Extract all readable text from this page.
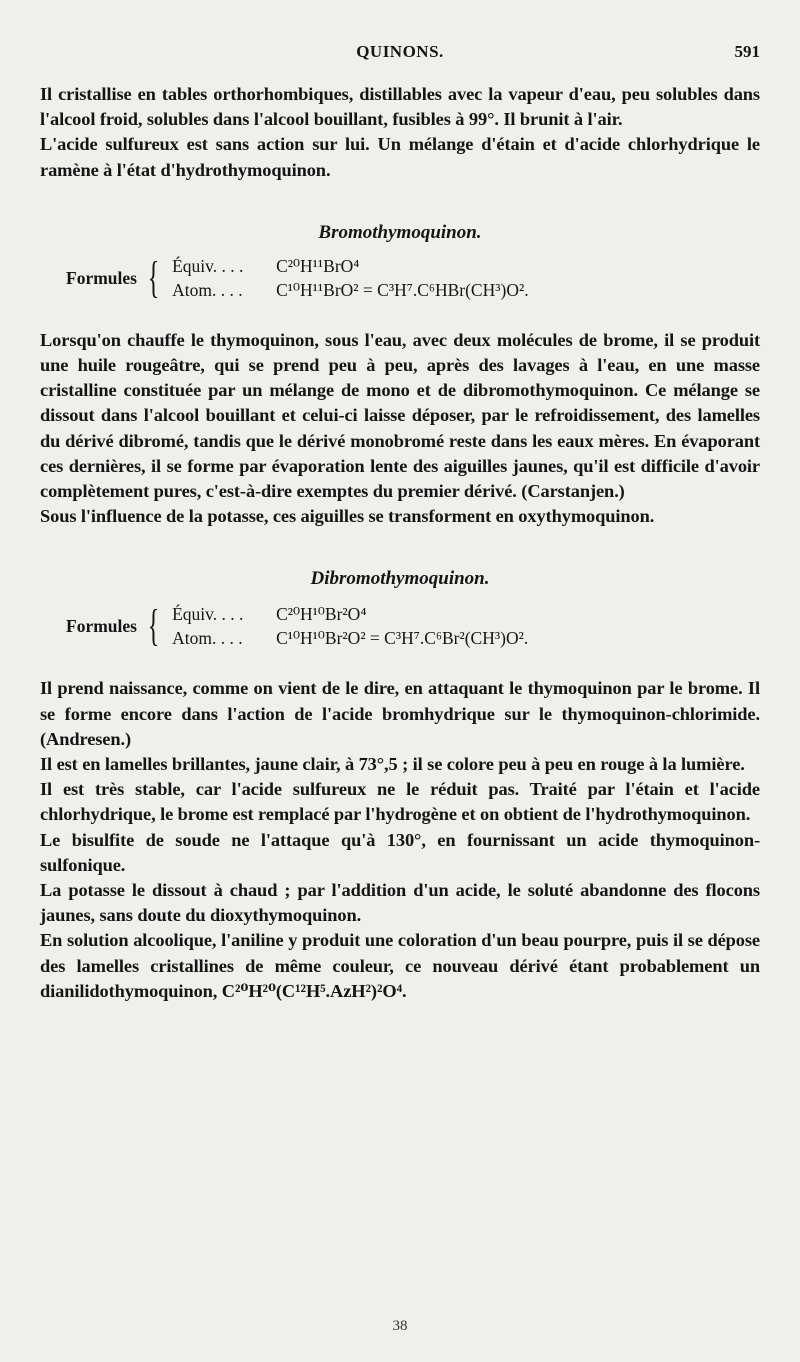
QUINONS.	591

Il cristallise en tables orthorhombiques, distillables avec la vapeur d'eau, peu solubles dans l'alcool froid, solubles dans l'alcool bouillant, fusibles à 99°. Il brunit à l'air.

L'acide sulfureux est sans action sur lui. Un mélange d'étain et d'acide chlorhydrique le ramène à l'état d'hydrothymoquinon.

Bromothymoquinon.
Formules { Équiv. . . .	C²⁰H¹¹BrO⁴
Atom. . . .	C¹⁰H¹¹BrO² = C³H⁷.C⁶HBr(CH³)O².

Lorsqu'on chauffe le thymoquinon, sous l'eau, avec deux molécules de brome, il se produit une huile rougeâtre, qui se prend peu à peu, après des lavages à l'eau, en une masse cristalline constituée par un mélange de mono et de dibromothymoquinon. Ce mélange se dissout dans l'alcool bouillant et celui-ci laisse déposer, par le refroidissement, des lamelles du dérivé dibromé, tandis que le dérivé monobromé reste dans les eaux mères. En évaporant ces dernières, il se forme par évaporation lente des aiguilles jaunes, qu'il est difficile d'avoir complètement pures, c'est-à-dire exemptes du premier dérivé. (Carstanjen.)

Sous l'influence de la potasse, ces aiguilles se transforment en oxythymoquinon.

Dibromothymoquinon.
Formules { Équiv. . . .	C²⁰H¹⁰Br²O⁴
Atom. . . .	C¹⁰H¹⁰Br²O² = C³H⁷.C⁶Br²(CH³)O².

Il prend naissance, comme on vient de le dire, en attaquant le thymoquinon par le brome. Il se forme encore dans l'action de l'acide bromhydrique sur le thymoquinon-chlorimide. (Andresen.)

Il est en lamelles brillantes, jaune clair, à 73°,5 ; il se colore peu à peu en rouge à la lumière.

Il est très stable, car l'acide sulfureux ne le réduit pas. Traité par l'étain et l'acide chlorhydrique, le brome est remplacé par l'hydrogène et on obtient de l'hydrothymoquinon.

Le bisulfite de soude ne l'attaque qu'à 130°, en fournissant un acide thymoquinon-sulfonique.

La potasse le dissout à chaud ; par l'addition d'un acide, le soluté abandonne des flocons jaunes, sans doute du dioxythymoquinon.

En solution alcoolique, l'aniline y produit une coloration d'un beau pourpre, puis il se dépose des lamelles cristallines de même couleur, ce nouveau dérivé étant probablement un dianilidothymoquinon, C²⁰H²⁰(C¹²H⁵.AzH²)²O⁴.

38
